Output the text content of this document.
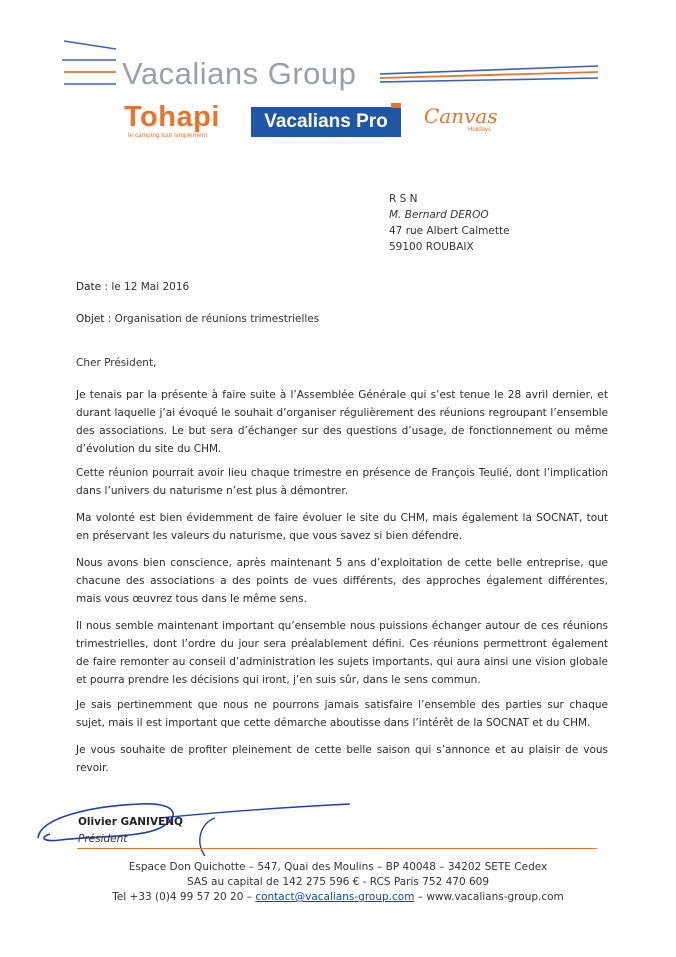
Vacalians Group
Tohapi
le camping tout simplement
Vacalians Pro	Canvas
Holidays
R S N
M. Bernard DEROO
47 rue Albert Calmette
59100 ROUBAIX
Date : le 12 Mai 2016
Objet : Organisation de réunions trimestrielles
Cher Président,

Je tenais par la présente à faire suite à l’Assemblée Générale qui s’est tenue le 28 avril dernier, et durant laquelle j’ai évoqué le souhait d’organiser régulièrement des réunions regroupant l’ensemble des associations. Le but sera d’échanger sur des questions d’usage, de fonctionnement ou même d’évolution du site du CHM.

Cette réunion pourrait avoir lieu chaque trimestre en présence de François Teulié, dont l’implication dans l’univers du naturisme n’est plus à démontrer.

Ma volonté est bien évidemment de faire évoluer le site du CHM, mais également la SOCNAT, tout en préservant les valeurs du naturisme, que vous savez si bien défendre.

Nous avons bien conscience, après maintenant 5 ans d’exploitation de cette belle entreprise, que chacune des associations a des points de vues différents, des approches également différentes, mais vous œuvrez tous dans le même sens.

Il nous semble maintenant important qu’ensemble nous puissions échanger autour de ces réunions trimestrielles, dont l’ordre du jour sera préalablement défini. Ces réunions permettront également de faire remonter au conseil d’administration les sujets importants, qui aura ainsi une vision globale et pourra prendre les décisions qui iront, j’en suis sûr, dans le sens commun.

Je sais pertinemment que nous ne pourrons jamais satisfaire l’ensemble des parties sur chaque sujet, mais il est important que cette démarche aboutisse dans l’intérêt de la SOCNAT et du CHM.

Je vous souhaite de profiter pleinement de cette belle saison qui s’annonce et au plaisir de vous revoir.

Olivier GANIVENQ
Président
Espace Don Quichotte – 547, Quai des Moulins – BP 40048 – 34202 SETE Cedex
SAS au capital de 142 275 596 € - RCS Paris 752 470 609
Tel +33 (0)4 99 57 20 20 – contact@vacalians-group.com – www.vacalians-group.com
